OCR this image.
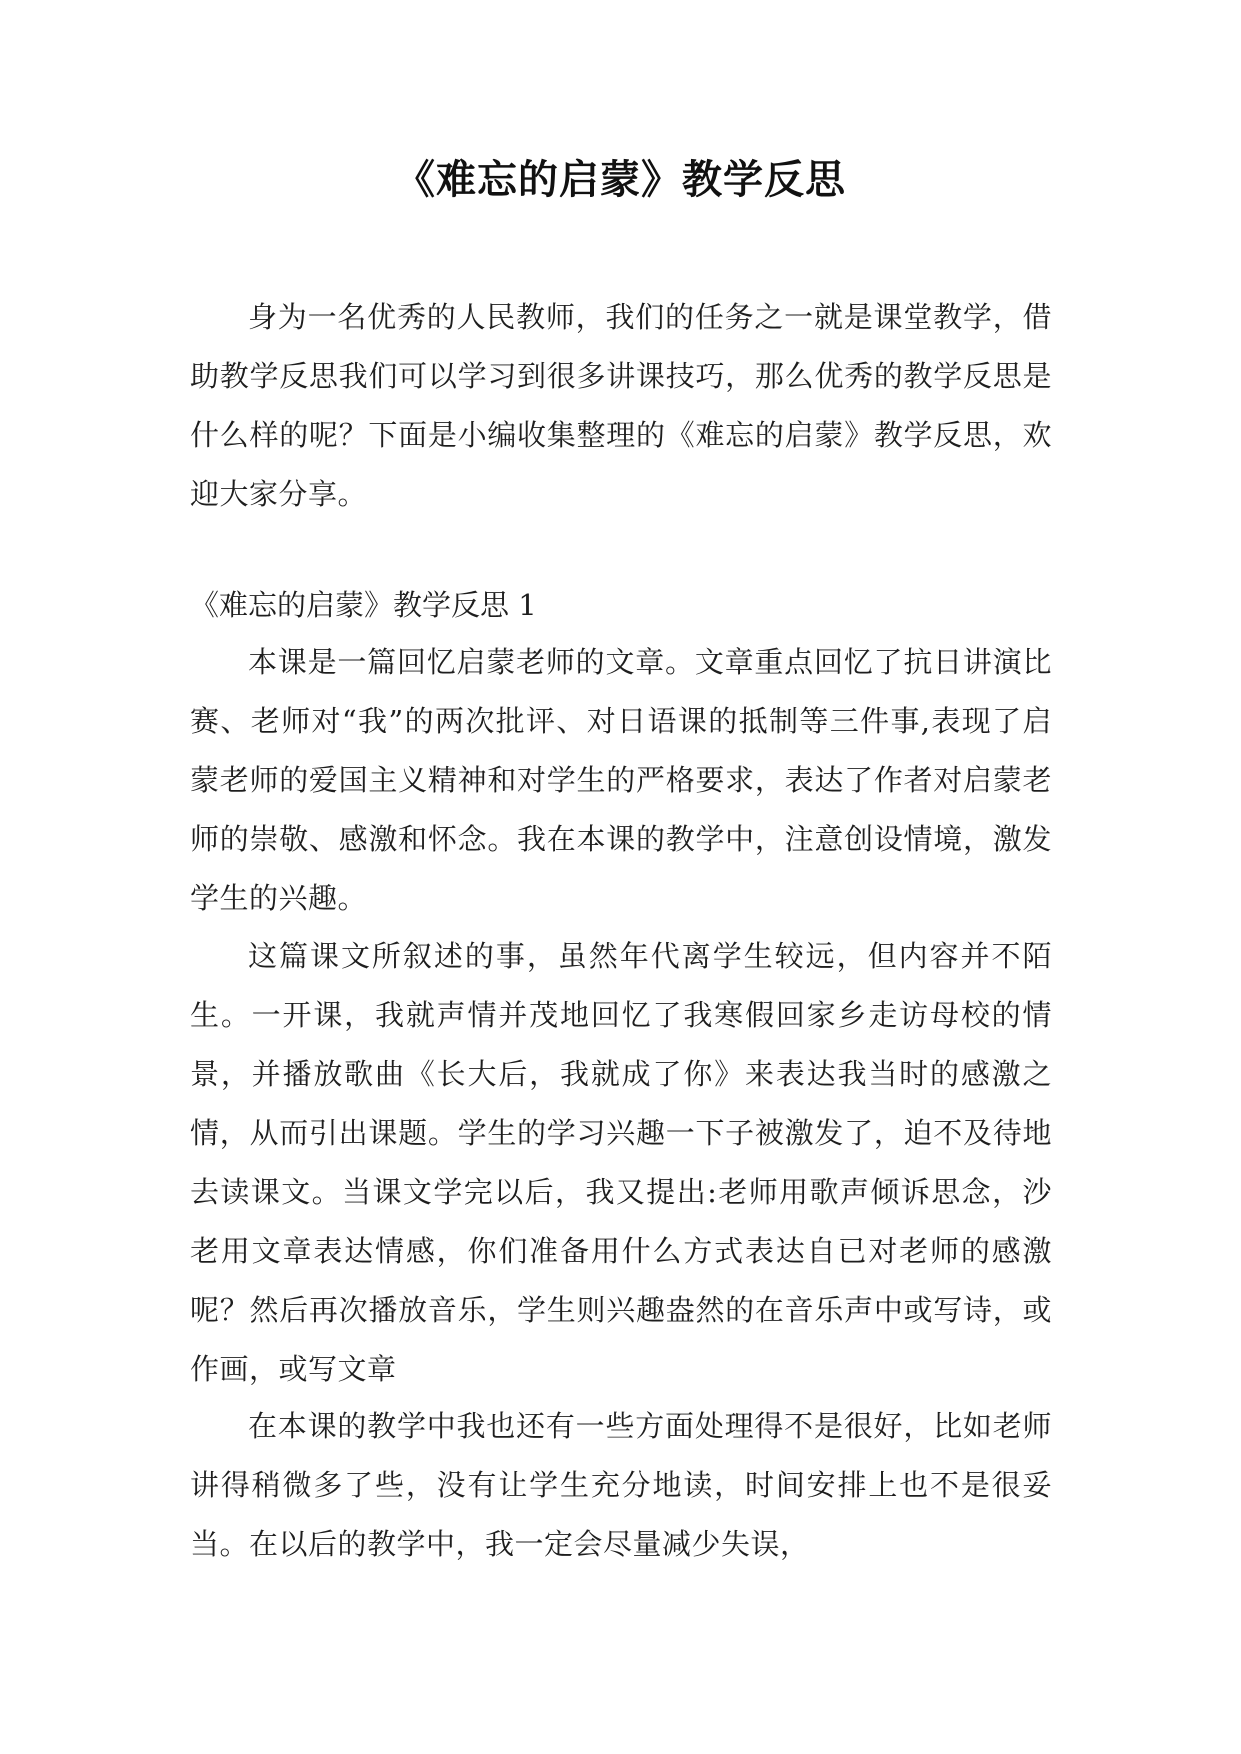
《难忘的启蒙》教学反思

身为一名优秀的人民教师，我们的任务之一就是课堂教学，借助教学反思我们可以学习到很多讲课技巧，那么优秀的教学反思是什么样的呢？下面是小编收集整理的《难忘的启蒙》教学反思，欢迎大家分享。

《难忘的启蒙》教学反思 1

本课是一篇回忆启蒙老师的文章。文章重点回忆了抗日讲演比赛、老师对“我”的两次批评、对日语课的抵制等三件事,表现了启蒙老师的爱国主义精神和对学生的严格要求，表达了作者对启蒙老师的崇敬、感激和怀念。我在本课的教学中，注意创设情境，激发学生的兴趣。

这篇课文所叙述的事，虽然年代离学生较远，但内容并不陌生。一开课，我就声情并茂地回忆了我寒假回家乡走访母校的情景，并播放歌曲《长大后，我就成了你》来表达我当时的感激之情，从而引出课题。学生的学习兴趣一下子被激发了，迫不及待地去读课文。当课文学完以后，我又提出:老师用歌声倾诉思念，沙老用文章表达情感，你们准备用什么方式表达自已对老师的感激呢？然后再次播放音乐，学生则兴趣盎然的在音乐声中或写诗，或作画，或写文章

在本课的教学中我也还有一些方面处理得不是很好，比如老师讲得稍微多了些，没有让学生充分地读，时间安排上也不是很妥当。在以后的教学中，我一定会尽量减少失误，
